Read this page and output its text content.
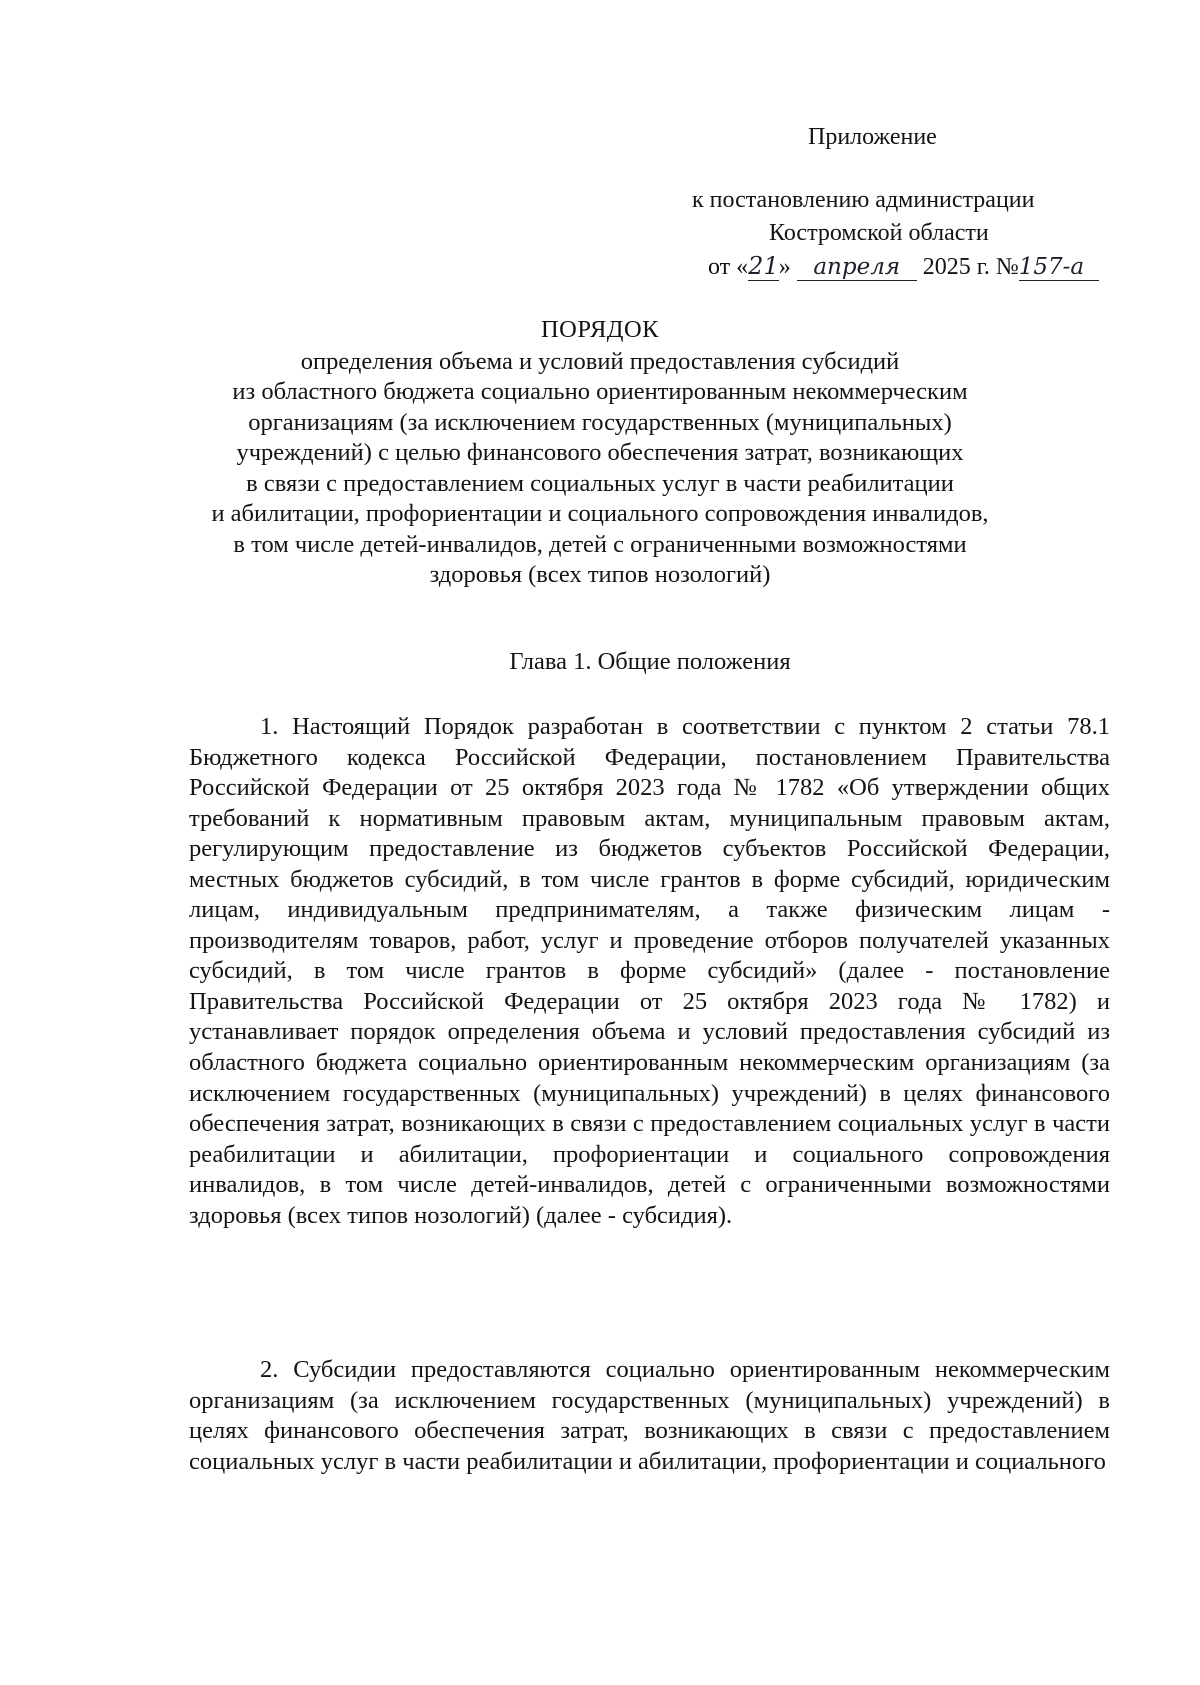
Приложение
к постановлению администрации
Костромской области
от «21» апреля 2025 г. №157-а
ПОРЯДОК
определения объема и условий предоставления субсидий
из областного бюджета социально ориентированным некоммерческим
организациям (за исключением государственных (муниципальных)
учреждений) с целью финансового обеспечения затрат, возникающих
в связи с предоставлением социальных услуг в части реабилитации
и абилитации, профориентации и социального сопровождения инвалидов,
в том числе детей-инвалидов, детей с ограниченными возможностями
здоровья (всех типов нозологий)
Глава 1. Общие положения

1. Настоящий Порядок разработан в соответствии с пунктом 2 статьи 78.1 Бюджетного кодекса Российской Федерации, постановлением Правительства Российской Федерации от 25 октября 2023 года № 1782 «Об утверждении общих требований к нормативным правовым актам, муниципальным правовым актам, регулирующим предоставление из бюджетов субъектов Российской Федерации, местных бюджетов субсидий, в том числе грантов в форме субсидий, юридическим лицам, индивидуальным предпринимателям, а также физическим лицам - производителям товаров, работ, услуг и проведение отборов получателей указанных субсидий, в том числе грантов в форме субсидий» (далее - постановление Правительства Российской Федерации от 25 октября 2023 года № 1782) и устанавливает порядок определения объема и условий предоставления субсидий из областного бюджета социально ориентированным некоммерческим организациям (за исключением государственных (муниципальных) учреждений) в целях финансового обеспечения затрат, возникающих в связи с предоставлением социальных услуг в части реабилитации и абилитации, профориентации и социального сопровождения инвалидов, в том числе детей-инвалидов, детей с ограниченными возможностями здоровья (всех типов нозологий) (далее - субсидия).

2. Субсидии предоставляются социально ориентированным некоммерческим организациям (за исключением государственных (муниципальных) учреждений) в целях финансового обеспечения затрат, возникающих в связи с предоставлением социальных услуг в части реабилитации и абилитации, профориентации и социального
